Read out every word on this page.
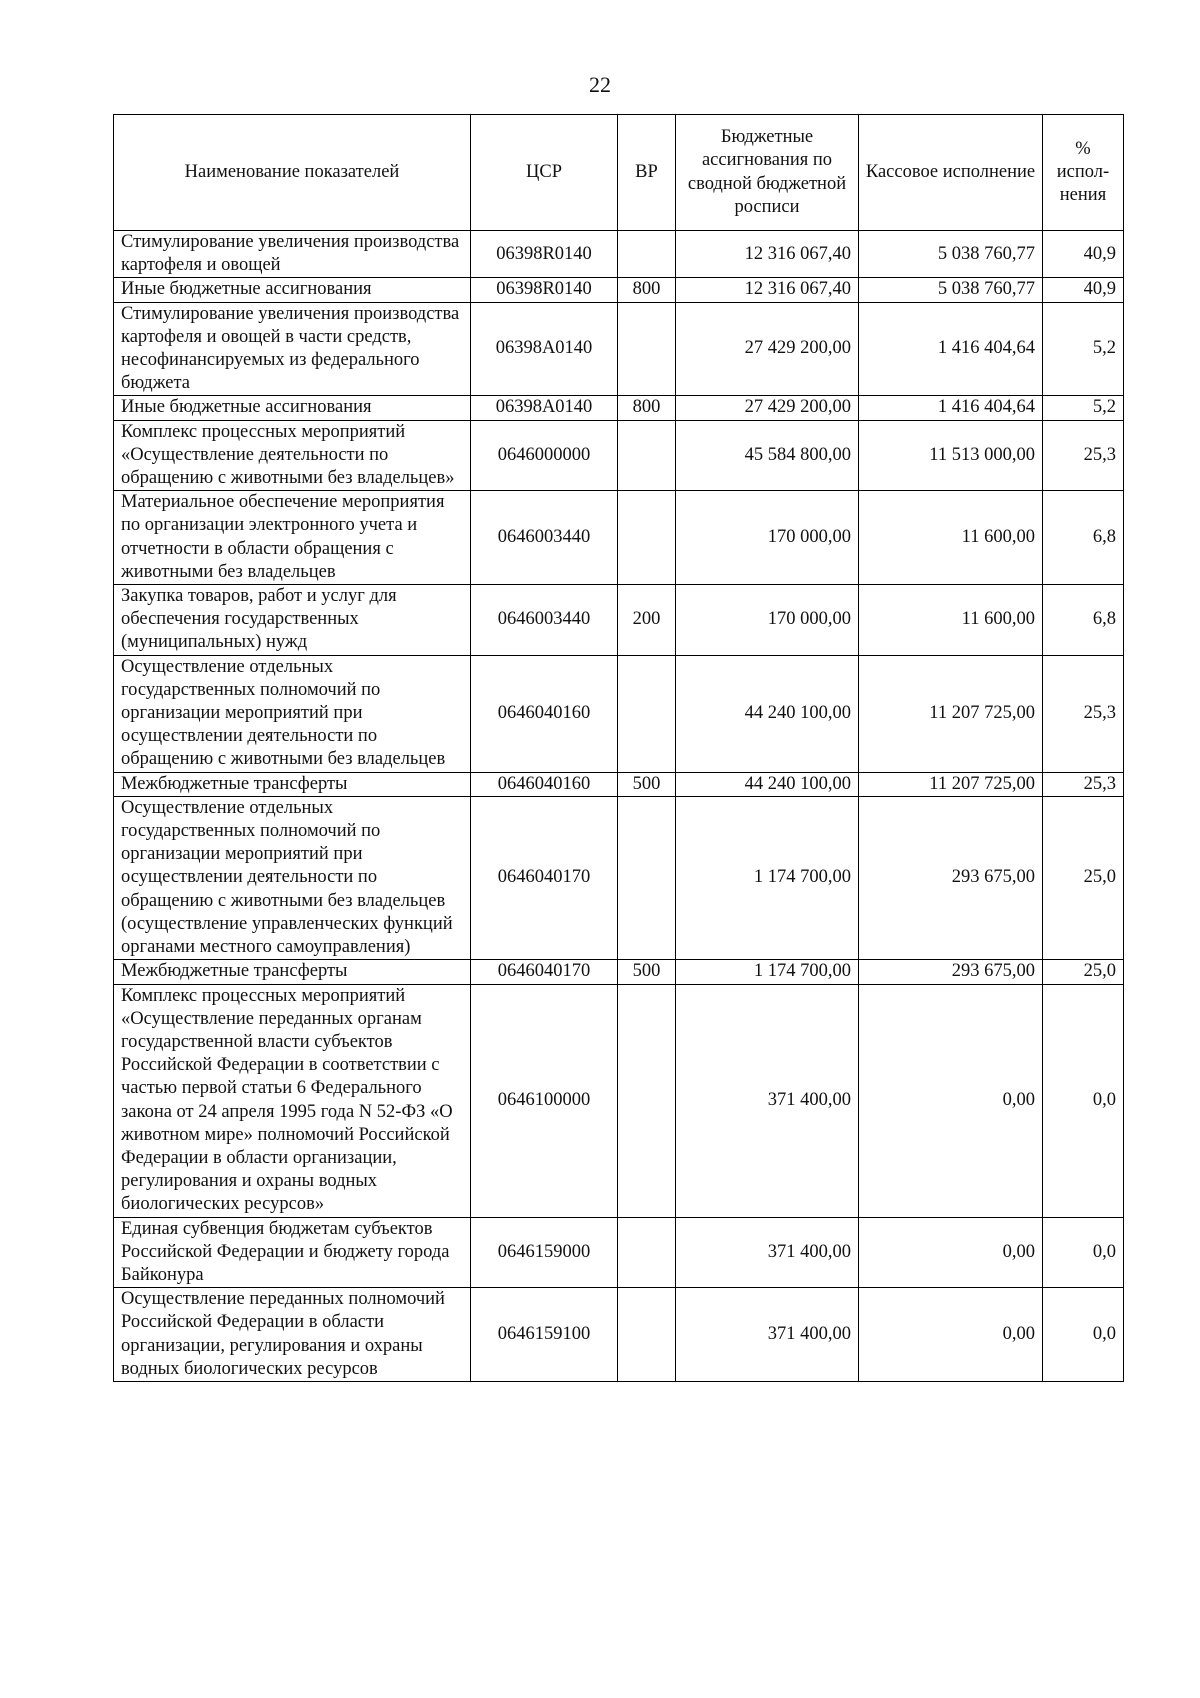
22
Наименование показателей	ЦСР	ВР	Бюджетные ассигнования по сводной бюджетной росписи	Кассовое исполнение	% испол-нения
Стимулирование увеличения производства картофеля и овощей	06398R0140		12 316 067,40	5 038 760,77	40,9
Иные бюджетные ассигнования	06398R0140	800	12 316 067,40	5 038 760,77	40,9
Стимулирование увеличения производства картофеля и овощей в части средств, несофинансируемых из федерального бюджета	06398A0140		27 429 200,00	1 416 404,64	5,2
Иные бюджетные ассигнования	06398A0140	800	27 429 200,00	1 416 404,64	5,2
Комплекс процессных мероприятий «Осуществление деятельности по обращению с животными без владельцев»	0646000000		45 584 800,00	11 513 000,00	25,3
Материальное обеспечение мероприятия по организации электронного учета и отчетности в области обращения с животными без владельцев	0646003440		170 000,00	11 600,00	6,8
Закупка товаров, работ и услуг для обеспечения государственных (муниципальных) нужд	0646003440	200	170 000,00	11 600,00	6,8
Осуществление отдельных государственных полномочий по организации мероприятий при осуществлении деятельности по обращению с животными без владельцев	0646040160		44 240 100,00	11 207 725,00	25,3
Межбюджетные трансферты	0646040160	500	44 240 100,00	11 207 725,00	25,3
Осуществление отдельных государственных полномочий по организации мероприятий при осуществлении деятельности по обращению с животными без владельцев (осуществление управленческих функций органами местного самоуправления)	0646040170		1 174 700,00	293 675,00	25,0
Межбюджетные трансферты	0646040170	500	1 174 700,00	293 675,00	25,0
Комплекс процессных мероприятий «Осуществление переданных органам государственной власти субъектов Российской Федерации в соответствии с частью первой статьи 6 Федерального закона от 24 апреля 1995 года N 52-ФЗ «О животном мире» полномочий Российской Федерации в области организации, регулирования и охраны водных биологических ресурсов»	0646100000		371 400,00	0,00	0,0
Единая субвенция бюджетам субъектов Российской Федерации и бюджету города Байконура	0646159000		371 400,00	0,00	0,0
Осуществление переданных полномочий Российской Федерации в области организации, регулирования и охраны водных биологических ресурсов	0646159100		371 400,00	0,00	0,0
